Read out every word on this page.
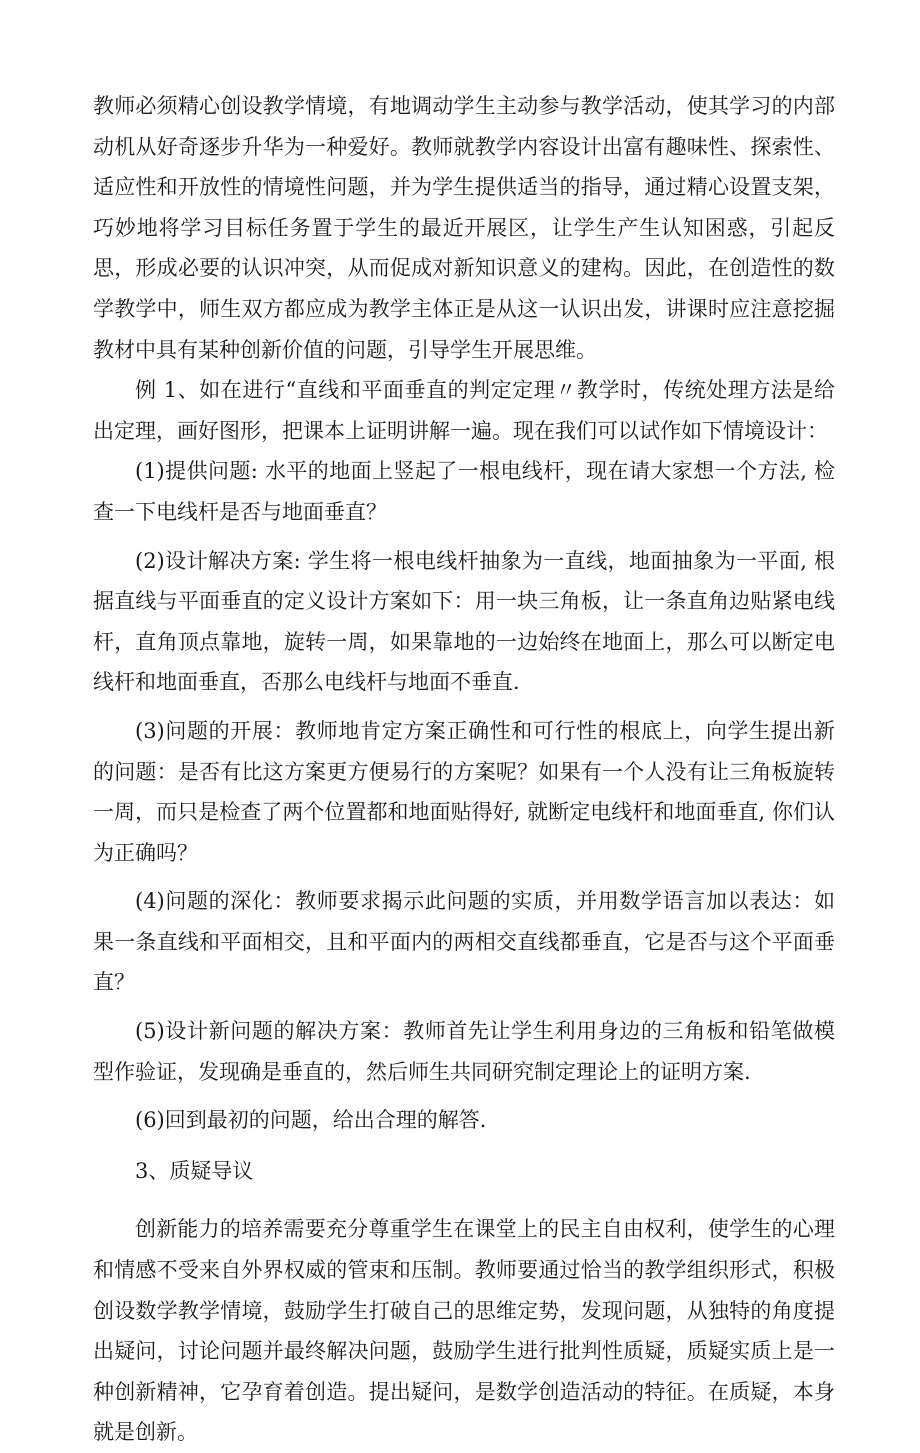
教师必须精心创设教学情境，有地调动学生主动参与教学活动，使其学习的内部动机从好奇逐步升华为一种爱好。教师就教学内容设计出富有趣味性、探索性、适应性和开放性的情境性问题，并为学生提供适当的指导，通过精心设置支架，巧妙地将学习目标任务置于学生的最近开展区，让学生产生认知困惑，引起反思，形成必要的认识冲突，从而促成对新知识意义的建构。因此，在创造性的数学教学中，师生双方都应成为教学主体正是从这一认识出发，讲课时应注意挖掘教材中具有某种创新价值的问题，引导学生开展思维。

例 1、如在进行“直线和平面垂直的判定定理〃教学时，传统处理方法是给出定理，画好图形，把课本上证明讲解一遍。现在我们可以试作如下情境设计：

(1)提供问题: 水平的地面上竖起了一根电线杆，现在请大家想一个方法, 检查一下电线杆是否与地面垂直？

(2)设计解决方案: 学生将一根电线杆抽象为一直线，地面抽象为一平面, 根据直线与平面垂直的定义设计方案如下：用一块三角板，让一条直角边贴紧电线杆，直角顶点靠地，旋转一周，如果靠地的一边始终在地面上，那么可以断定电线杆和地面垂直，否那么电线杆与地面不垂直.

(3)问题的开展：教师地肯定方案正确性和可行性的根底上，向学生提出新的问题：是否有比这方案更方便易行的方案呢？如果有一个人没有让三角板旋转一周，而只是检查了两个位置都和地面贴得好, 就断定电线杆和地面垂直, 你们认为正确吗？

(4)问题的深化：教师要求揭示此问题的实质，并用数学语言加以表达：如果一条直线和平面相交，且和平面内的两相交直线都垂直，它是否与这个平面垂直？

(5)设计新问题的解决方案：教师首先让学生利用身边的三角板和铅笔做模型作验证，发现确是垂直的，然后师生共同研究制定理论上的证明方案.

(6)回到最初的问题，给出合理的解答.

3、质疑导议

创新能力的培养需要充分尊重学生在课堂上的民主自由权利，使学生的心理和情感不受来自外界权威的管束和压制。教师要通过恰当的教学组织形式，积极创设数学教学情境，鼓励学生打破自己的思维定势，发现问题，从独特的角度提出疑问，讨论问题并最终解决问题，鼓励学生进行批判性质疑，质疑实质上是一种创新精神，它孕育着创造。提出疑问，是数学创造活动的特征。在质疑，本身就是创新。
